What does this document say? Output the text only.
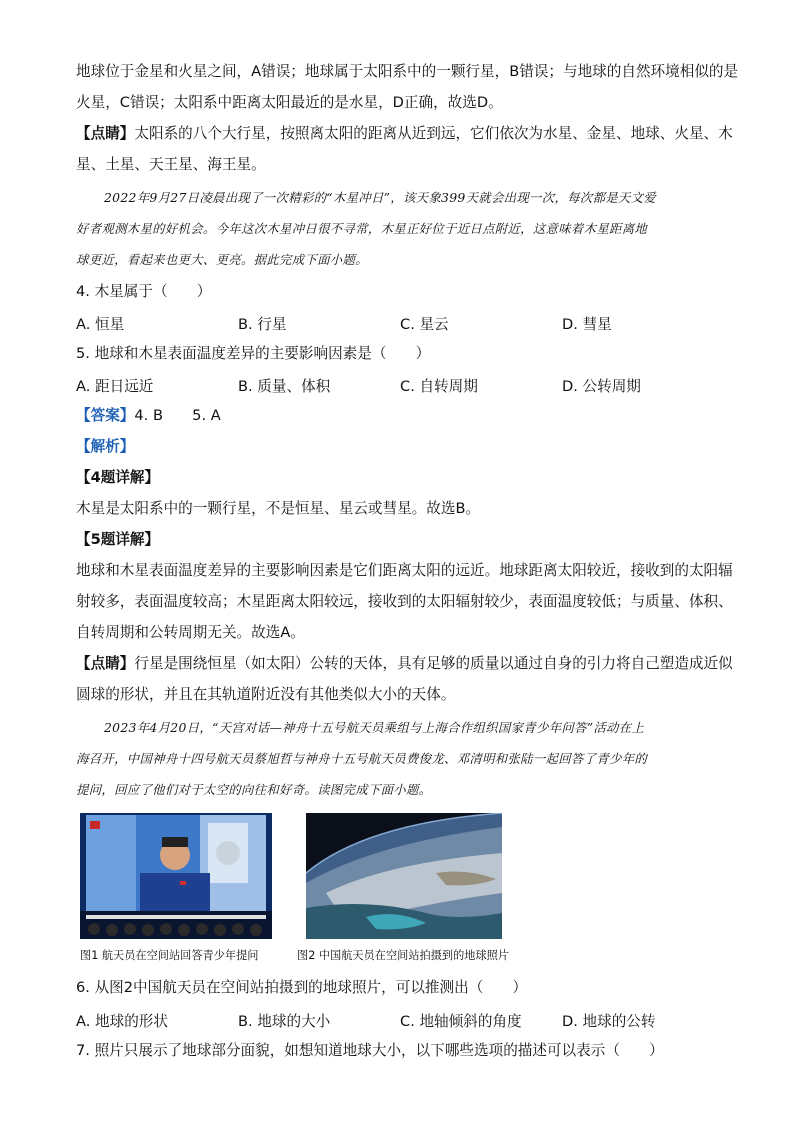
地球位于金星和火星之间，A错误；地球属于太阳系中的一颗行星，B错误；与地球的自然环境相似的是
火星，C错误；太阳系中距离太阳最近的是水星，D正确，故选D。
【点睛】太阳系的八个大行星，按照离太阳的距离从近到远，它们依次为水星、金星、地球、火星、木
星、土星、天王星、海王星。
2022年9月27日凌晨出现了一次精彩的“木星冲日”，该天象399天就会出现一次，每次都是天文爱
好者观测木星的好机会。今年这次木星冲日很不寻常，木星正好位于近日点附近，这意味着木星距离地
球更近，看起来也更大、更亮。据此完成下面小题。
4. 木星属于（　　）
A. 恒星	B. 行星	C. 星云	D. 彗星
5. 地球和木星表面温度差异的主要影响因素是（　　）
A. 距日远近	B. 质量、体积	C. 自转周期	D. 公转周期
【答案】4. B　　5. A
【解析】
【4题详解】
木星是太阳系中的一颗行星，不是恒星、星云或彗星。故选B。
【5题详解】
地球和木星表面温度差异的主要影响因素是它们距离太阳的远近。地球距离太阳较近，接收到的太阳辐
射较多，表面温度较高；木星距离太阳较远，接收到的太阳辐射较少，表面温度较低；与质量、体积、
自转周期和公转周期无关。故选A。
【点睛】行星是围绕恒星（如太阳）公转的天体，具有足够的质量以通过自身的引力将自己塑造成近似
圆球的形状，并且在其轨道附近没有其他类似大小的天体。
2023年4月20日，“天宫对话—神舟十五号航天员乘组与上海合作组织国家青少年问答”活动在上
海召开，中国神舟十四号航天员蔡旭哲与神舟十五号航天员费俊龙、邓清明和张陆一起回答了青少年的
提问，回应了他们对于太空的向往和好奇。读图完成下面小题。
图1 航天员在空间站回答青少年提问	图2 中国航天员在空间站拍摄到的地球照片
6. 从图2中国航天员在空间站拍摄到的地球照片，可以推测出（　　）
A. 地球的形状	B. 地球的大小	C. 地轴倾斜的角度	D. 地球的公转
7. 照片只展示了地球部分面貌，如想知道地球大小，以下哪些选项的描述可以表示（　　）
